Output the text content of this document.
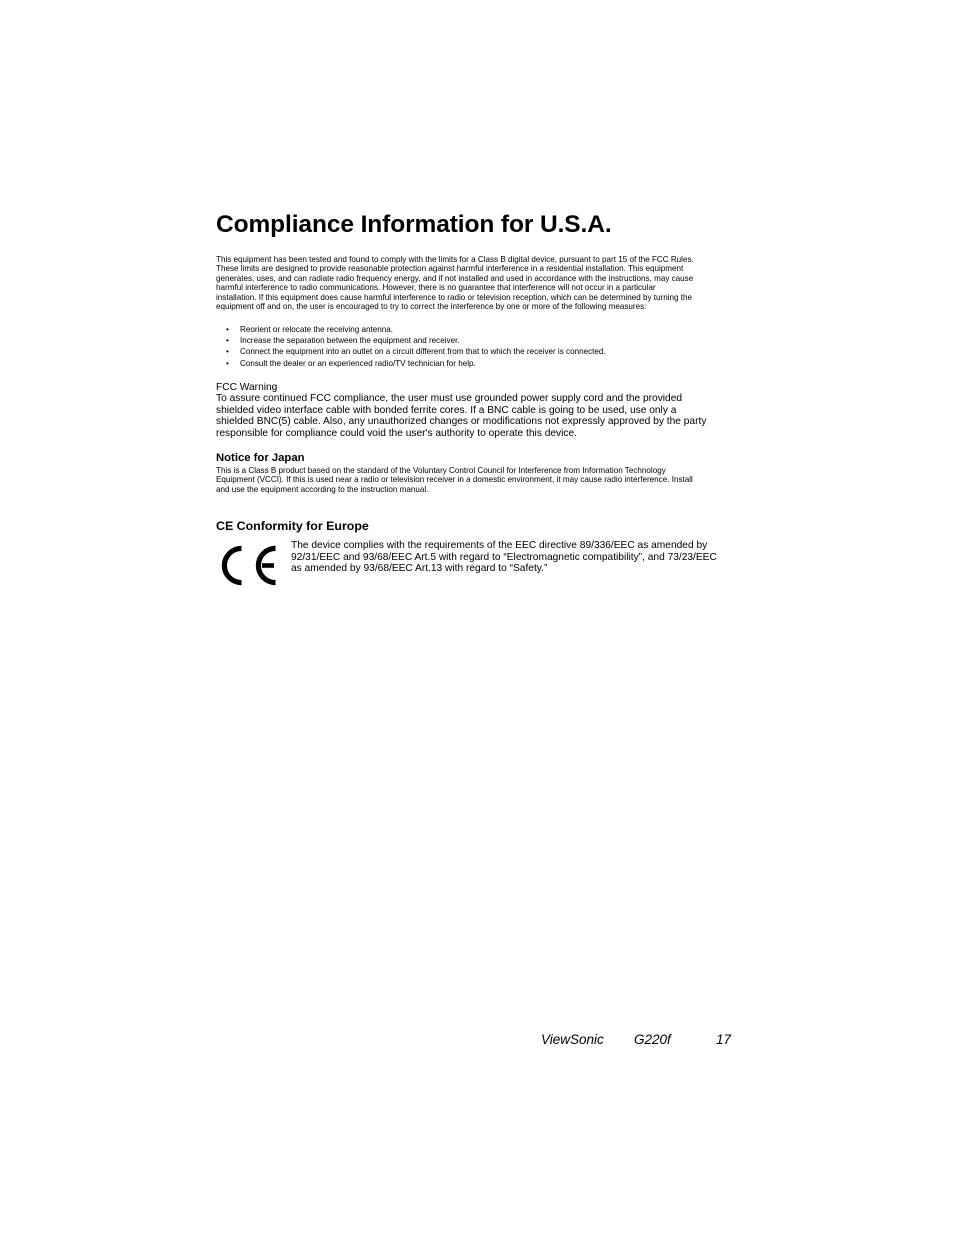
Compliance Information for U.S.A.

This equipment has been tested and found to comply with the limits for a Class B digital device, pursuant to part 15 of the FCC Rules. These limits are designed to provide reasonable protection against harmful interference in a residential installation. This equipment generates, uses, and can radiate radio frequency energy, and if not installed and used in accordance with the instructions, may cause harmful interference to radio communications. However, there is no guarantee that interference will not occur in a particular installation. If this equipment does cause harmful interference to radio or television reception, which can be determined by turning the equipment off and on, the user is encouraged to try to correct the interference by one or more of the following measures:

• Reorient or relocate the receiving antenna.
• Increase the separation between the equipment and receiver.
• Connect the equipment into an outlet on a circuit different from that to which the receiver is connected.
• Consult the dealer or an experienced radio/TV technician for help.
FCC Warning

To assure continued FCC compliance, the user must use grounded power supply cord and the provided shielded video interface cable with bonded ferrite cores. If a BNC cable is going to be used, use only a shielded BNC(5) cable. Also, any unauthorized changes or modifications not expressly approved by the party responsible for compliance could void the user's authority to operate this device.

Notice for Japan

This is a Class B product based on the standard of the Voluntary Control Council for Interference from Information Technology Equipment (VCCI). If this is used near a radio or television receiver in a domestic environment, it may cause radio interference. Install and use the equipment according to the instruction manual.

CE Conformity for Europe

The device complies with the requirements of the EEC directive 89/336/EEC as amended by 92/31/EEC and 93/68/EEC Art.5 with regard to “Electromagnetic compatibility”, and 73/23/EEC as amended by 93/68/EEC Art.13 with regard to “Safety.”

ViewSonic G220f	17
